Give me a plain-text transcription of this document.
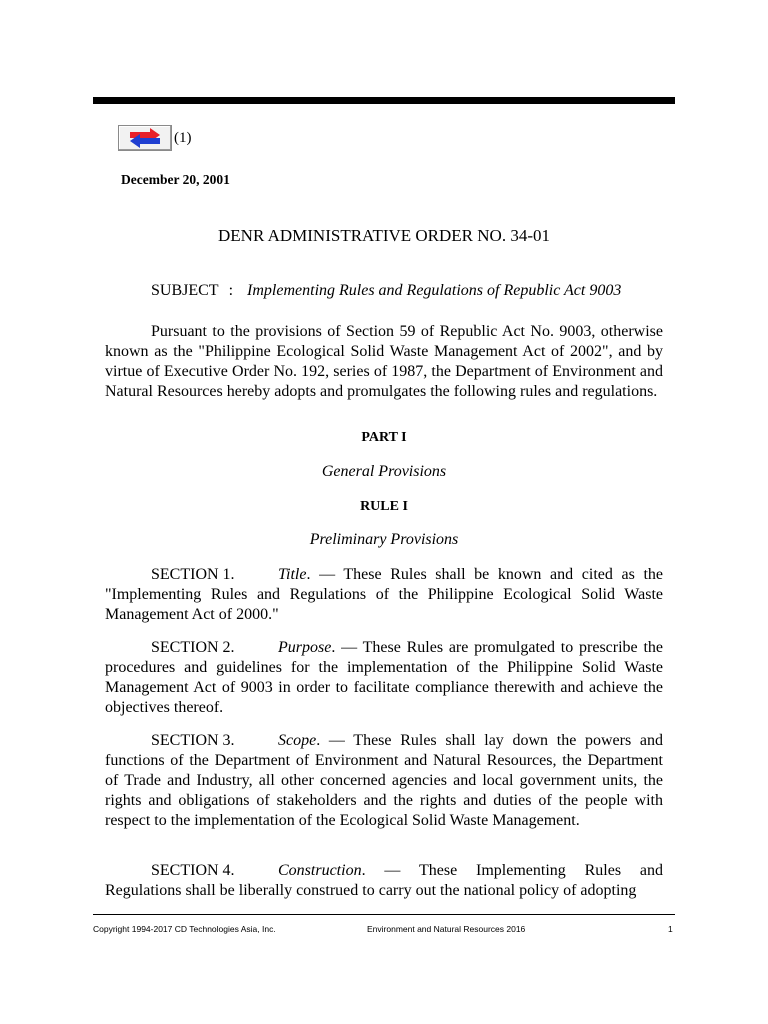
(1)
December 20, 2001
DENR ADMINISTRATIVE ORDER NO. 34-01
SUBJECT : Implementing Rules and Regulations of Republic Act 9003

Pursuant to the provisions of Section 59 of Republic Act No. 9003, otherwise known as the "Philippine Ecological Solid Waste Management Act of 2002", and by virtue of Executive Order No. 192, series of 1987, the Department of Environment and Natural Resources hereby adopts and promulgates the following rules and regulations.

PART I

General Provisions

RULE I

Preliminary Provisions

SECTION 1.	Title. — These Rules shall be known and cited as the "Implementing Rules and Regulations of the Philippine Ecological Solid Waste Management Act of 2000."

SECTION 2.	Purpose. — These Rules are promulgated to prescribe the procedures and guidelines for the implementation of the Philippine Solid Waste Management Act of 9003 in order to facilitate compliance therewith and achieve the objectives thereof.

SECTION 3.	Scope. — These Rules shall lay down the powers and functions of the Department of Environment and Natural Resources, the Department of Trade and Industry, all other concerned agencies and local government units, the rights and obligations of stakeholders and the rights and duties of the people with respect to the implementation of the Ecological Solid Waste Management.

SECTION 4.	Construction. — These Implementing Rules and Regulations shall be liberally construed to carry out the national policy of adopting

Copyright 1994-2017 CD Technologies Asia, Inc.	Environment and Natural Resources 2016	1
